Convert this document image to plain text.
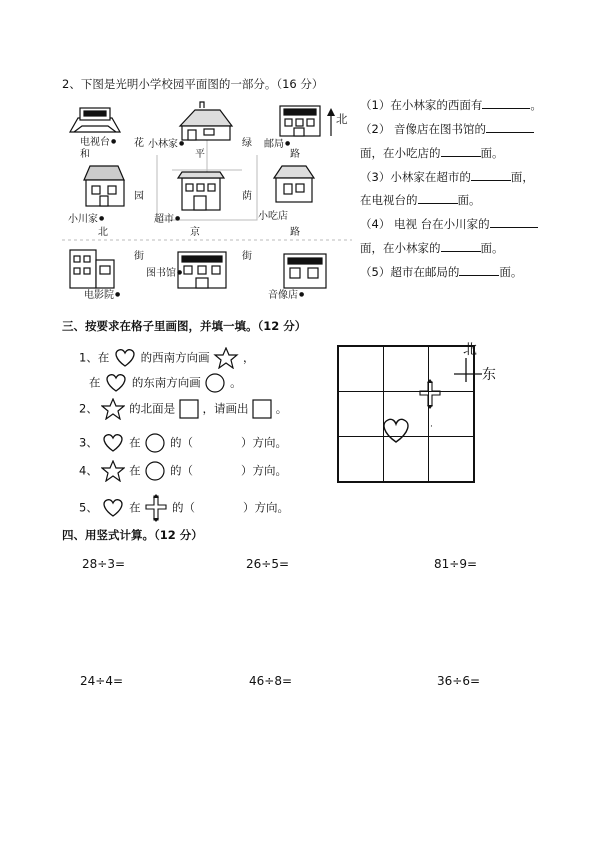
2、下图是光明小学校园平面图的一部分。（16 分）
电视台 ●
和
花 小林家 ●
平
绿 邮局 ●
路
园	荫
小川家 ●	超市 ●	小吃店
北	京	路
街	街
图书馆 ●
电影院 ●	音像店 ●
北
（1）在小林家的西面有	。
（2） 音像店在图书馆的
面，在小吃店的	面。
（3）小林家在超市的	面，
在电视台的	面。
（4） 电视 台在小川家的
面，在小林家的	面。
（5）超市在邮局的	面。
三、按要求在格子里画图，并填一填。（12 分）
1、在	的西南方向画	，
在	的东南方向画	。
2、	的北面是 ，请画出 。
3、	在	的（	）方向。
4、	在	的（	）方向。
5、	在	的（	）方向。
北
东
·
四、用竖式计算。（12 分）
28÷3=	26÷5=	81÷9=
24÷4=	46÷8=	36÷6=
